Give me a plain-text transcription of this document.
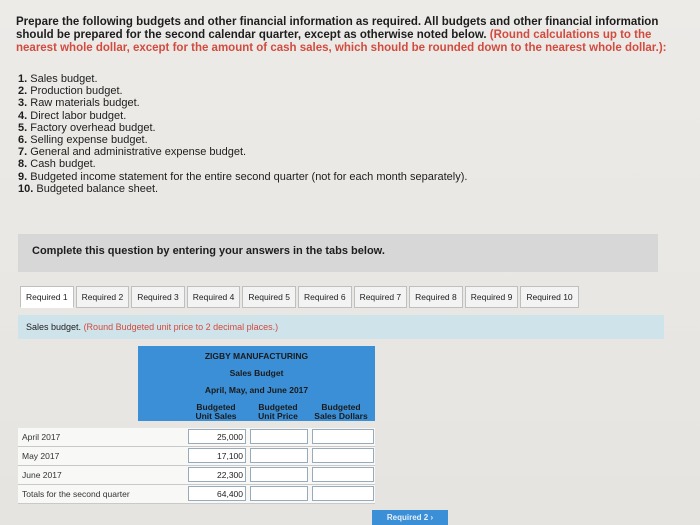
Prepare the following budgets and other financial information as required. All budgets and other financial information should be prepared for the second calendar quarter, except as otherwise noted below. (Round calculations up to the nearest whole dollar, except for the amount of cash sales, which should be rounded down to the nearest whole dollar.):
1. Sales budget.
2. Production budget.
3. Raw materials budget.
4. Direct labor budget.
5. Factory overhead budget.
6. Selling expense budget.
7. General and administrative expense budget.
8. Cash budget.
9. Budgeted income statement for the entire second quarter (not for each month separately).
10. Budgeted balance sheet.
Complete this question by entering your answers in the tabs below.
Required 1	Required 2	Required 3	Required 4	Required 5	Required 6	Required 7	Required 8	Required 9	Required 10
Sales budget. (Round Budgeted unit price to 2 decimal places.)
ZIGBY MANUFACTURING
Sales Budget
April, May, and June 2017
Budgeted
Unit Sales
Budgeted
Unit Price
Budgeted
Sales Dollars
April 2017	25,000
May 2017	17,100
June 2017	22,300
Totals for the second quarter	64,400
Required 2 ›
